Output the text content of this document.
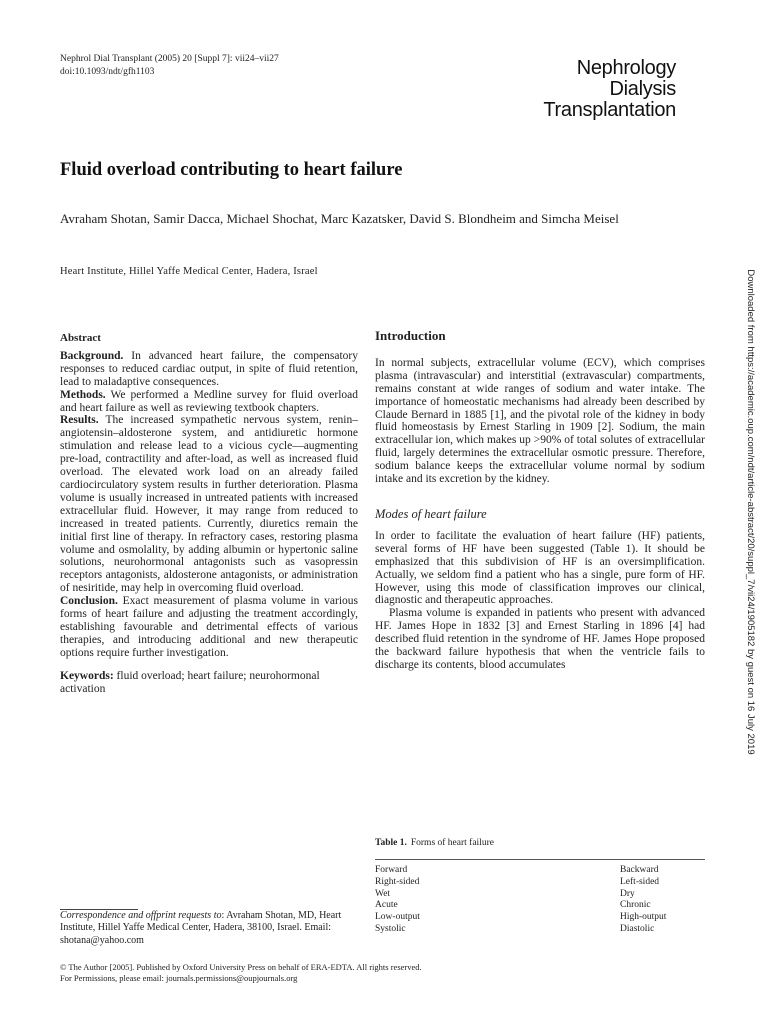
Nephrol Dial Transplant (2005) 20 [Suppl 7]: vii24–vii27
doi:10.1093/ndt/gfh1103	Nephrology
Dialysis
Transplantation
Fluid overload contributing to heart failure
Avraham Shotan, Samir Dacca, Michael Shochat, Marc Kazatsker, David S. Blondheim and Simcha Meisel
Heart Institute, Hillel Yaffe Medical Center, Hadera, Israel	Downloaded from https://academic.oup.com/ndt/article-abstract/20/suppl_7/vii24/1905182 by guest on 16 July 2019

Abstract

Background. In advanced heart failure, the compensatory responses to reduced cardiac output, in spite of fluid retention, lead to maladaptive consequences.

Methods. We performed a Medline survey for fluid overload and heart failure as well as reviewing textbook chapters.

Results. The increased sympathetic nervous system, renin–angiotensin–aldosterone system, and antidiuretic hormone stimulation and release lead to a vicious cycle—augmenting pre-load, contractility and after-load, as well as increased fluid overload. The elevated work load on an already failed cardiocirculatory system results in further deterioration. Plasma volume is usually increased in untreated patients with increased extracellular fluid. However, it may range from reduced to increased in treated patients. Currently, diuretics remain the initial first line of therapy. In refractory cases, restoring plasma volume and osmolality, by adding albumin or hypertonic saline solutions, neurohormonal antagonists such as vasopressin receptors antagonists, aldosterone antagonists, or administration of nesiritide, may help in overcoming fluid overload.

Conclusion. Exact measurement of plasma volume in various forms of heart failure and adjusting the treatment accordingly, establishing favourable and detrimental effects of various therapies, and introducing additional and new therapeutic options require further investigation.

Keywords: fluid overload; heart failure; neurohormonal activation

Correspondence and offprint requests to: Avraham Shotan, MD, Heart Institute, Hillel Yaffe Medical Center, Hadera, 38100, Israel. Email: shotana@yahoo.com

Introduction

In normal subjects, extracellular volume (ECV), which comprises plasma (intravascular) and interstitial (extravascular) compartments, remains constant at wide ranges of sodium and water intake. The importance of homeostatic mechanisms had already been described by Claude Bernard in 1885 [1], and the pivotal role of the kidney in body fluid homeostasis by Ernest Starling in 1909 [2]. Sodium, the main extracellular ion, which makes up >90% of total solutes of extracellular fluid, largely determines the extracellular osmotic pressure. Therefore, sodium balance keeps the extracellular volume normal by sodium intake and its excretion by the kidney.

Modes of heart failure

In order to facilitate the evaluation of heart failure (HF) patients, several forms of HF have been suggested (Table 1). It should be emphasized that this subdivision of HF is an oversimplification. Actually, we seldom find a patient who has a single, pure form of HF. However, using this mode of classification improves our clinical, diagnostic and therapeutic approaches.

Plasma volume is expanded in patients who present with advanced HF. James Hope in 1832 [3] and Ernest Starling in 1896 [4] had described fluid retention in the syndrome of HF. James Hope proposed the backward failure hypothesis that when the ventricle fails to discharge its contents, blood accumulates

Table 1. Forms of heart failure
Forward	Backward
Right-sided	Left-sided
Wet	Dry
Acute	Chronic
Low-output	High-output
Systolic	Diastolic
© The Author [2005]. Published by Oxford University Press on behalf of ERA-EDTA. All rights reserved.
For Permissions, please email: journals.permissions@oupjournals.org
